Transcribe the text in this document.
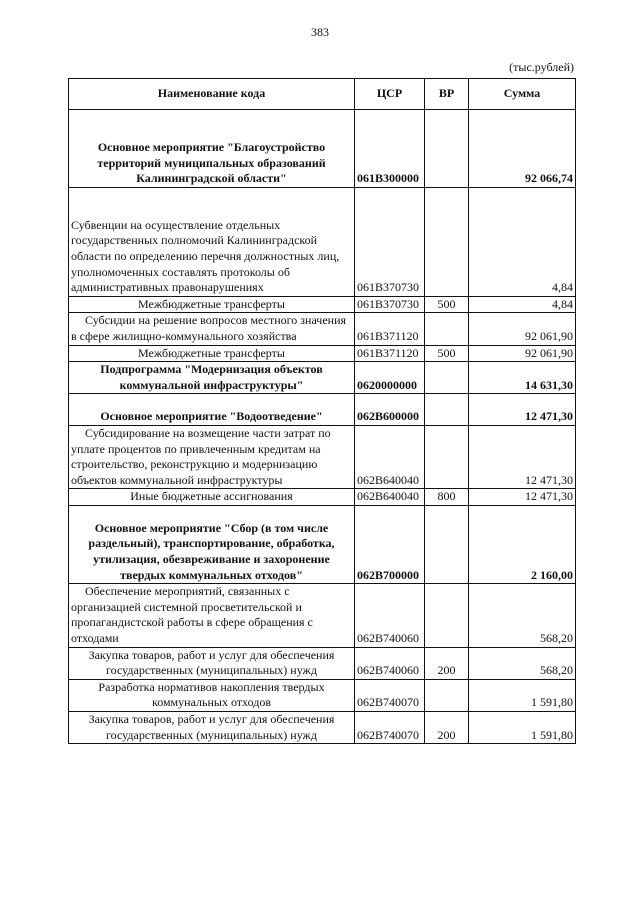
383
(тыс.рублей)
Наименование кода	ЦСР	ВР	Сумма

Основное мероприятие "Благоустройство территорий муниципальных образований Калининградской области"	061В300000		92 066,74

Субвенции на осуществление отдельных государственных полномочий Калининградской области по определению перечня должностных лиц, уполномоченных составлять протоколы об административных правонарушениях	061В370730		4,84
Межбюджетные трансферты	061В370730	500	4,84
Субсидии на решение вопросов местного значения в сфере жилищно-коммунального хозяйства	061В371120		92 061,90
Межбюджетные трансферты	061В371120	500	92 061,90
Подпрограмма "Модернизация объектов коммунальной инфраструктуры"	0620000000		14 631,30

Основное мероприятие "Водоотведение"	062В600000		12 471,30
Субсидирование на возмещение части затрат по уплате процентов по привлеченным кредитам на строительство, реконструкцию и модернизацию объектов коммунальной инфраструктуры	062В640040		12 471,30
Иные бюджетные ассигнования	062В640040	800	12 471,30

Основное мероприятие "Сбор (в том числе раздельный), транспортирование, обработка, утилизация, обезвреживание и захоронение твердых коммунальных отходов"	062В700000		2 160,00
Обеспечение мероприятий, связанных с организацией системной просветительской и пропагандистской работы в сфере обращения с отходами	062В740060		568,20
Закупка товаров, работ и услуг для обеспечения государственных (муниципальных) нужд	062В740060	200	568,20
Разработка нормативов накопления твердых коммунальных отходов	062В740070		1 591,80
Закупка товаров, работ и услуг для обеспечения государственных (муниципальных) нужд	062В740070	200	1 591,80
